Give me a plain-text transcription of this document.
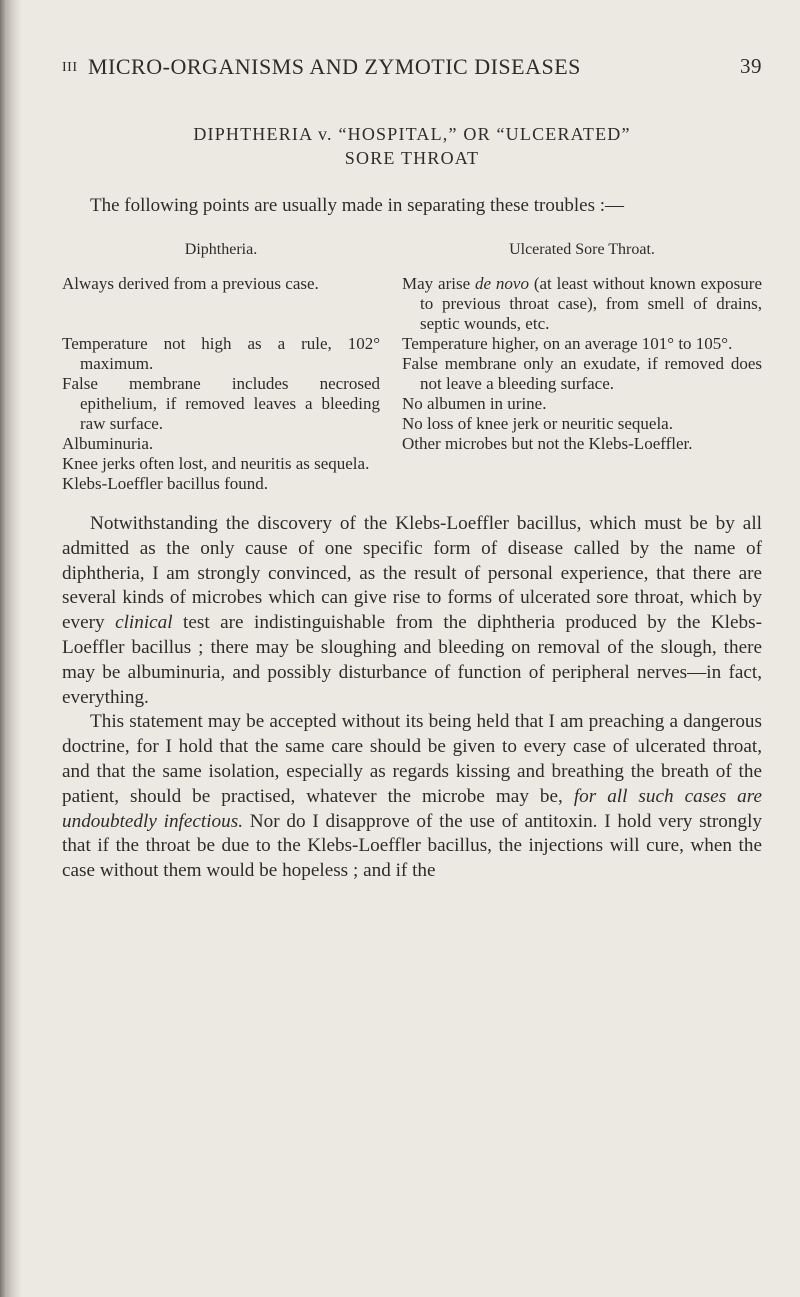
III MICRO-ORGANISMS AND ZYMOTIC DISEASES	39
DIPHTHERIA v. “HOSPITAL,” OR “ULCERATED”
SORE THROAT
The following points are usually made in separating these troubles :—
Diphtheria.
Always derived from a previous case.
Temperature not high as a rule, 102° maximum.
False membrane includes necrosed epithelium, if removed leaves a bleeding raw surface.
Albuminuria.
Knee jerks often lost, and neuritis as sequela.
Klebs-Loeffler bacillus found.
Ulcerated Sore Throat.
May arise de novo (at least without known exposure to previous throat case), from smell of drains, septic wounds, etc.
Temperature higher, on an average 101° to 105°.
False membrane only an exudate, if removed does not leave a bleeding surface.
No albumen in urine.
No loss of knee jerk or neuritic sequela.
Other microbes but not the Klebs-Loeffler.

Notwithstanding the discovery of the Klebs-Loeffler bacillus, which must be by all admitted as the only cause of one specific form of disease called by the name of diphtheria, I am strongly convinced, as the result of personal experience, that there are several kinds of microbes which can give rise to forms of ulcerated sore throat, which by every clinical test are indistinguishable from the diphtheria produced by the Klebs-Loeffler bacillus ; there may be sloughing and bleeding on removal of the slough, there may be albuminuria, and possibly disturbance of function of peripheral nerves—in fact, everything.

This statement may be accepted without its being held that I am preaching a dangerous doctrine, for I hold that the same care should be given to every case of ulcerated throat, and that the same isolation, especially as regards kissing and breathing the breath of the patient, should be practised, whatever the microbe may be, for all such cases are undoubtedly infectious. Nor do I disapprove of the use of antitoxin. I hold very strongly that if the throat be due to the Klebs-Loeffler bacillus, the injections will cure, when the case without them would be hopeless ; and if the
